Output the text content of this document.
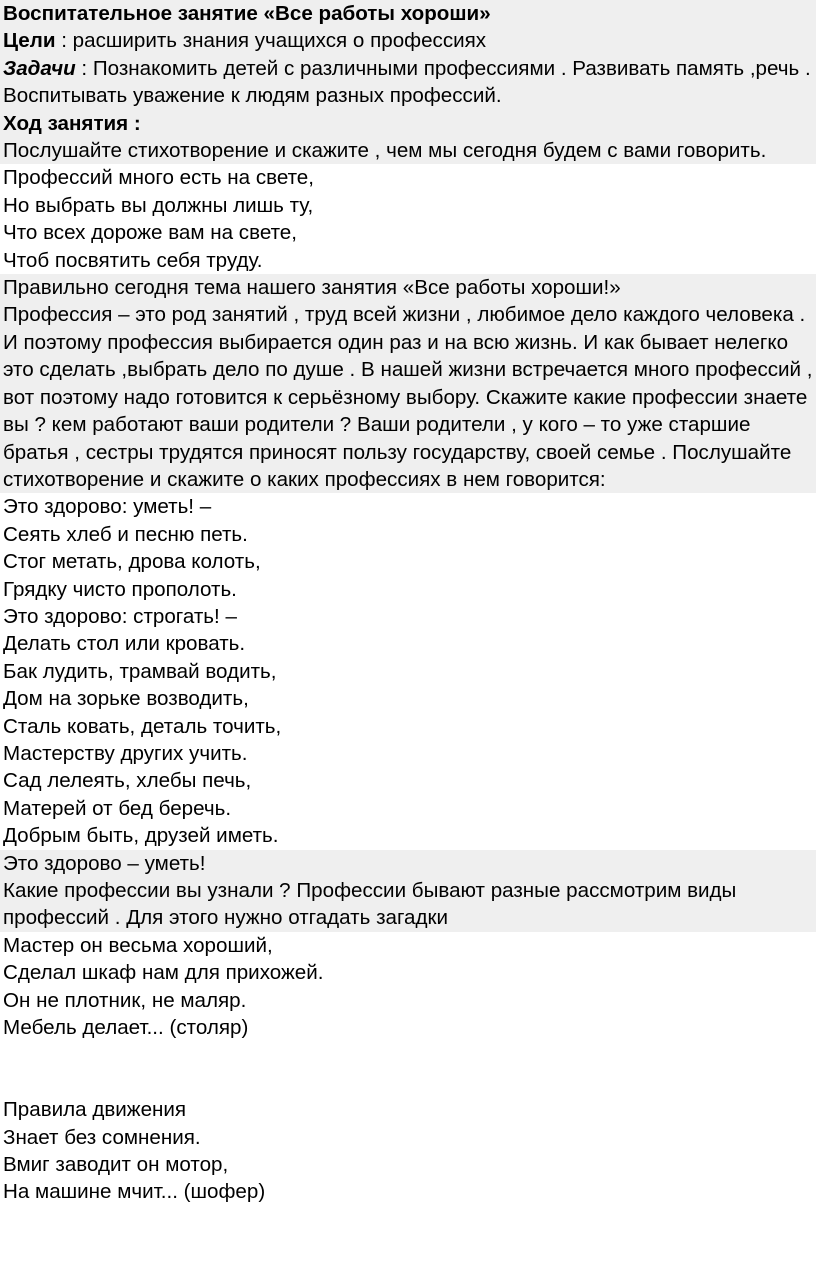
Воспитательное занятие «Все работы хороши»
Цели : расширить знания учащихся о профессиях
Задачи : Познакомить детей с различными профессиями . Развивать память ,речь . Воспитывать уважение к людям разных профессий.
Ход занятия :
Послушайте стихотворение и скажите , чем мы сегодня будем с вами говорить.
Профессий много есть на свете,
Но выбрать вы должны лишь ту,
Что всех дороже вам на свете,
Чтоб посвятить себя труду.
Правильно сегодня тема нашего занятия «Все работы хороши!»
Профессия – это род занятий , труд всей жизни , любимое дело каждого человека . И поэтому профессия выбирается один раз и на всю жизнь. И как бывает нелегко это сделать ,выбрать дело по душе . В нашей жизни встречается много профессий , вот поэтому надо готовится к серьёзному выбору. Скажите какие профессии знаете вы ? кем работают ваши родители ? Ваши родители , у кого – то уже старшие братья , сестры трудятся приносят пользу государству, своей семье . Послушайте стихотворение и скажите о каких профессиях в нем говорится:
Это здорово: уметь! –
Сеять хлеб и песню петь.
Стог метать, дрова колоть,
Грядку чисто прополоть.
Это здорово: строгать! –
Делать стол или кровать.
Бак лудить, трамвай водить,
Дом на зорьке возводить,
Сталь ковать, деталь точить,
Мастерству других учить.
Сад лелеять, хлебы печь,
Матерей от бед беречь.
Добрым быть, друзей иметь.
Это здорово – уметь!
Какие профессии вы узнали ? Профессии бывают разные рассмотрим виды профессий . Для этого нужно отгадать загадки
Мастер он весьма хороший,
Сделал шкаф нам для прихожей.
Он не плотник, не маляр.
Мебель делает... (столяр)
Правила движения
Знает без сомнения.
Вмиг заводит он мотор,
На машине мчит... (шофер)
